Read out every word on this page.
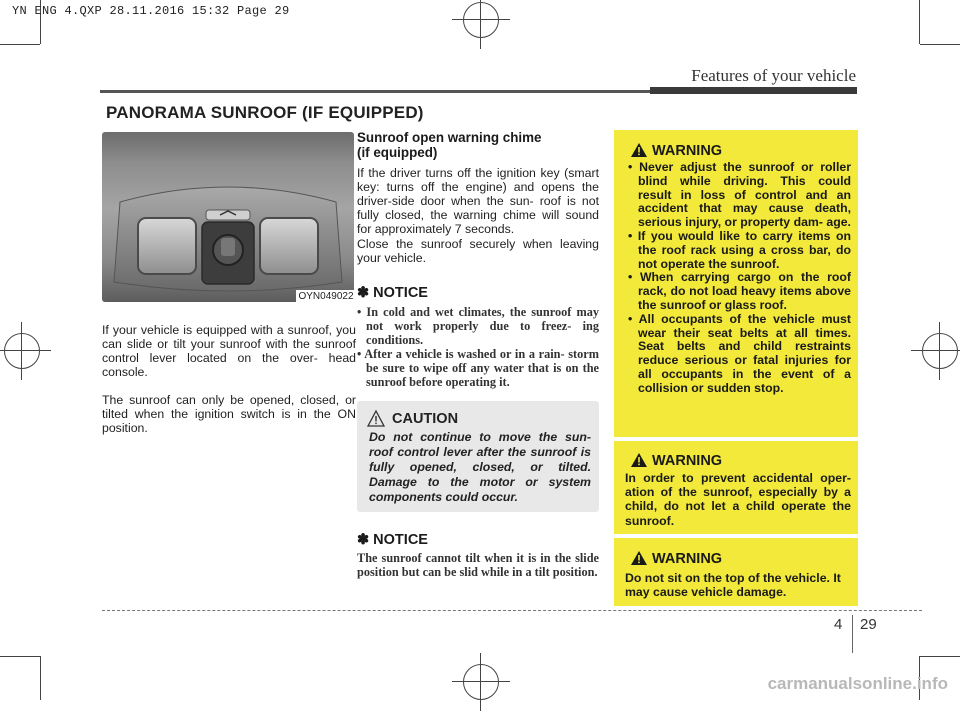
YN ENG 4.QXP 28.11.2016 15:32 Page 29
Features of your vehicle
PANORAMA SUNROOF (IF EQUIPPED)
OYN049022
If your vehicle is equipped with a sunroof, you can slide or tilt your sunroof with the sunroof control lever located on the over- head console.
The sunroof can only be opened, closed, or tilted when the ignition switch is in the ON position.
Sunroof open warning chime
(if equipped)
If the driver turns off the ignition key (smart key: turns off the engine) and opens the driver-side door when the sun- roof is not fully closed, the warning chime will sound for approximately 7 seconds.
Close the sunroof securely when leaving your vehicle.
✽ NOTICE
• In cold and wet climates, the sunroof may not work properly due to freez- ing conditions.
• After a vehicle is washed or in a rain- storm be sure to wipe off any water that is on the sunroof before operating it.
CAUTION
Do not continue to move the sun- roof control lever after the sunroof is fully opened, closed, or tilted. Damage to the motor or system components could occur.
✽ NOTICE
The sunroof cannot tilt when it is in the slide position but can be slid while in a tilt position.
WARNING
• Never adjust the sunroof or roller blind while driving. This could result in loss of control and an accident that may cause death, serious injury, or property dam- age.
• If you would like to carry items on the roof rack using a cross bar, do not operate the sunroof.
• When carrying cargo on the roof rack, do not load heavy items above the sunroof or glass roof.
• All occupants of the vehicle must wear their seat belts at all times. Seat belts and child restraints reduce serious or fatal injuries for all occupants in the event of a collision or sudden stop.
WARNING
In order to prevent accidental oper- ation of the sunroof, especially by a child, do not let a child operate the sunroof.
WARNING
Do not sit on the top of the vehicle. It may cause vehicle damage.
4 29
carmanualsonline.info
